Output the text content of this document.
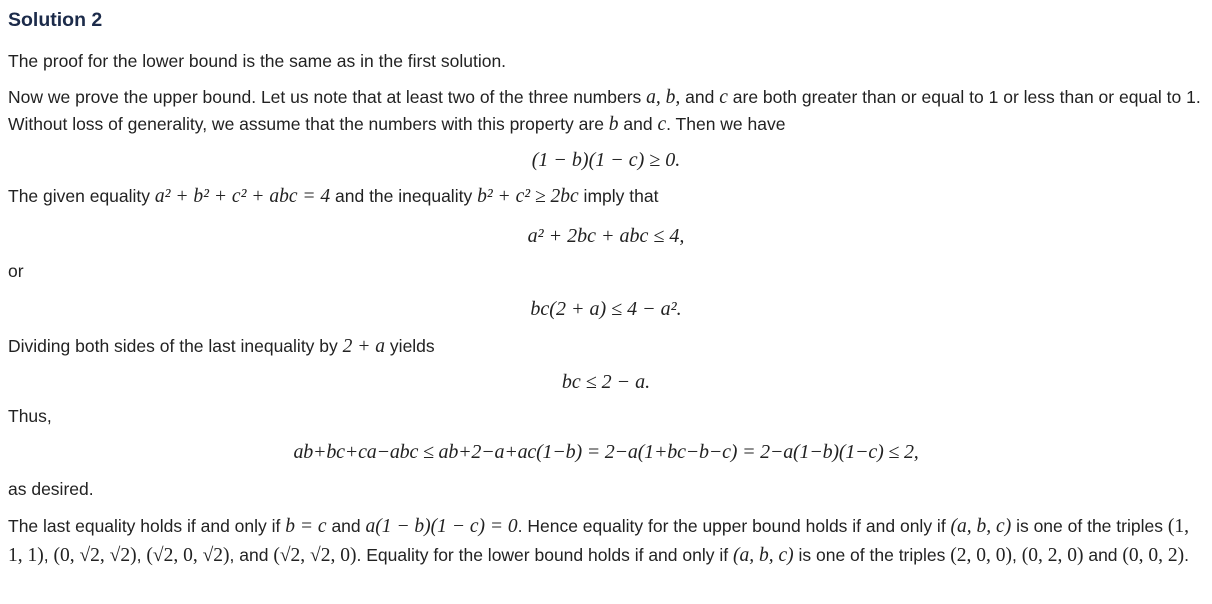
Solution 2
The proof for the lower bound is the same as in the first solution.
Now we prove the upper bound. Let us note that at least two of the three numbers a, b, and c are both greater than or equal to 1 or less than or equal to 1. Without loss of generality, we assume that the numbers with this property are b and c. Then we have
(1 − b)(1 − c) ≥ 0.
The given equality a² + b² + c² + abc = 4 and the inequality b² + c² ≥ 2bc imply that
a² + 2bc + abc ≤ 4,
or
bc(2 + a) ≤ 4 − a².
Dividing both sides of the last inequality by 2 + a yields
bc ≤ 2 − a.
Thus,
ab+bc+ca−abc ≤ ab+2−a+ac(1−b) = 2−a(1+bc−b−c) = 2−a(1−b)(1−c) ≤ 2,
as desired.
The last equality holds if and only if b = c and a(1 − b)(1 − c) = 0. Hence equality for the upper bound holds if and only if (a, b, c) is one of the triples (1, 1, 1), (0, √2, √2), (√2, 0, √2), and (√2, √2, 0). Equality for the lower bound holds if and only if (a, b, c) is one of the triples (2, 0, 0), (0, 2, 0) and (0, 0, 2).
